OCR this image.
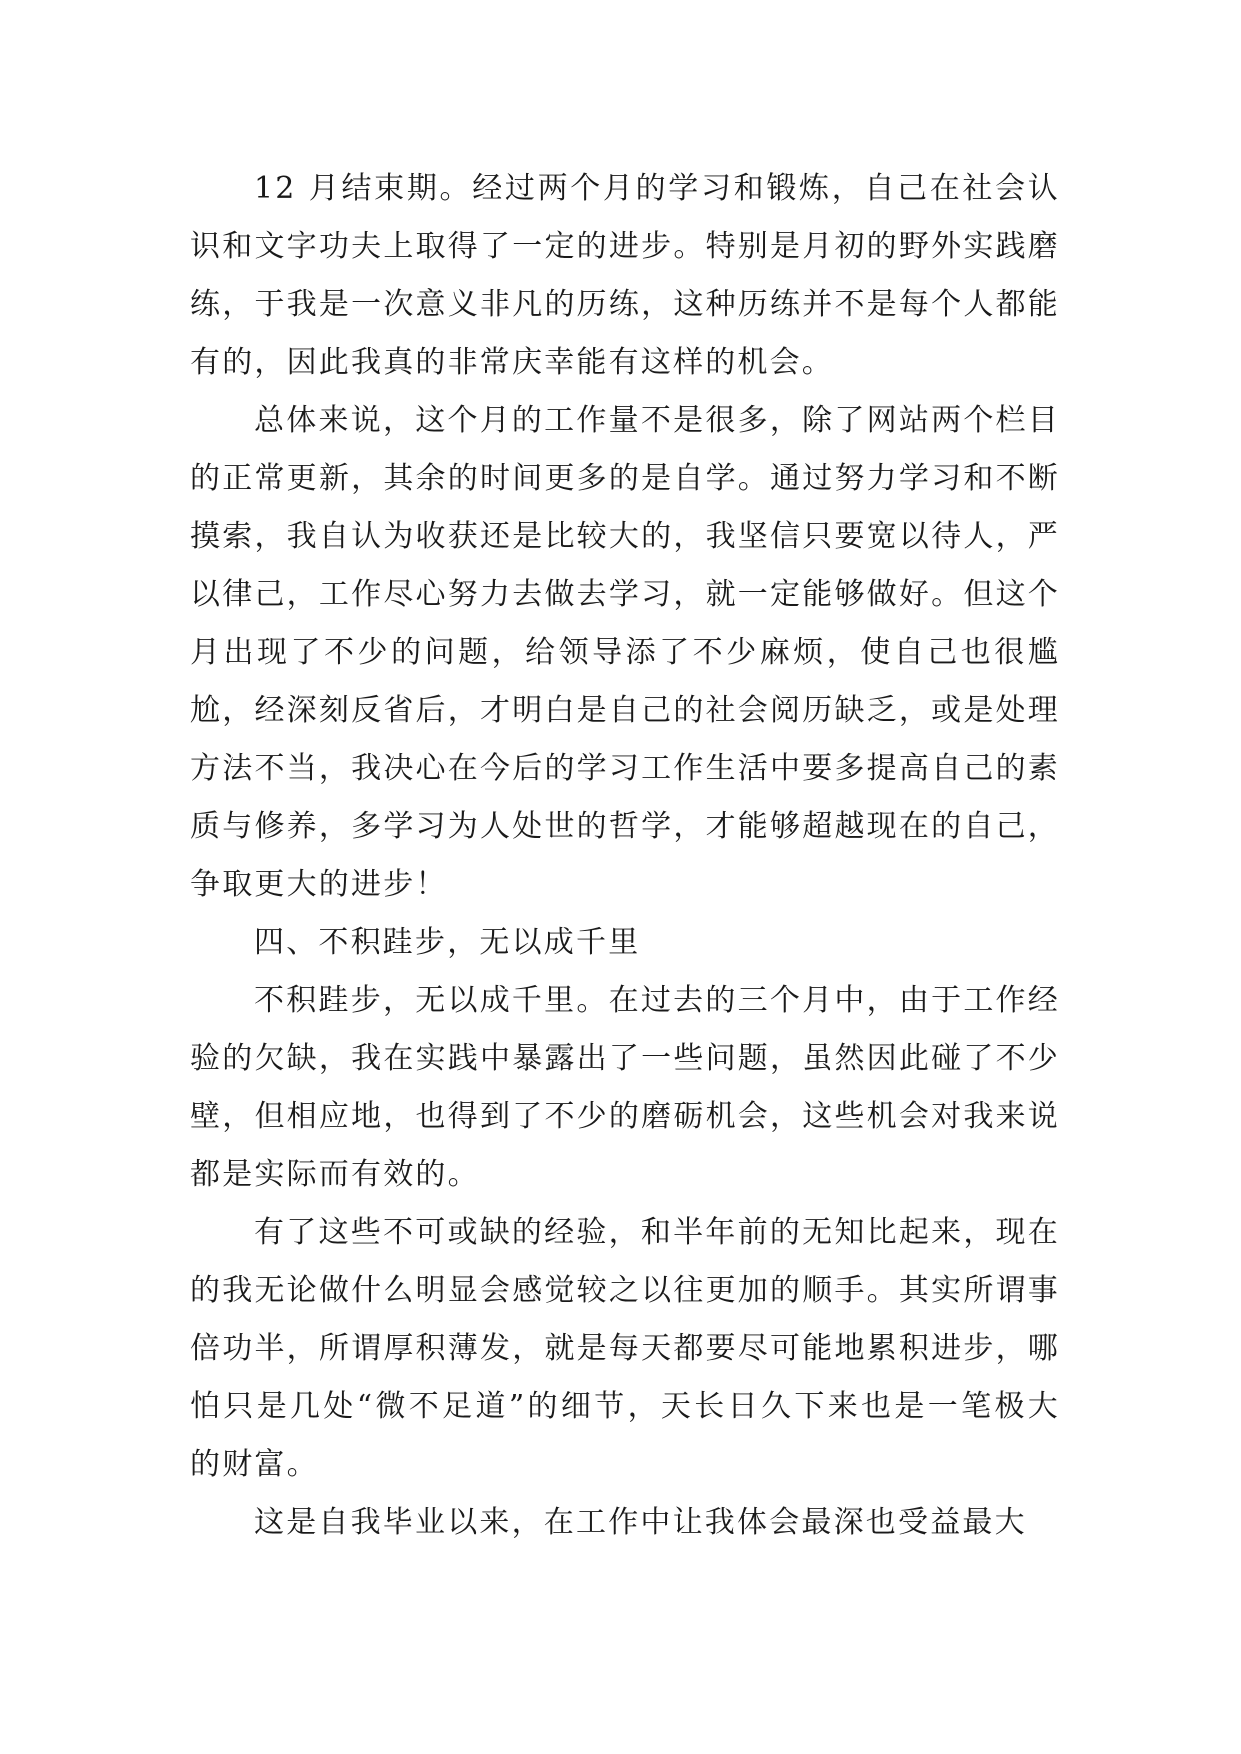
12 月结束期。经过两个月的学习和锻炼，自己在社会认识和文字功夫上取得了一定的进步。特别是月初的野外实践磨练，于我是一次意义非凡的历练，这种历练并不是每个人都能有的，因此我真的非常庆幸能有这样的机会。

总体来说，这个月的工作量不是很多，除了网站两个栏目的正常更新，其余的时间更多的是自学。通过努力学习和不断摸索，我自认为收获还是比较大的，我坚信只要宽以待人，严以律己，工作尽心努力去做去学习，就一定能够做好。但这个月出现了不少的问题，给领导添了不少麻烦，使自己也很尴尬，经深刻反省后，才明白是自己的社会阅历缺乏，或是处理方法不当，我决心在今后的学习工作生活中要多提高自己的素质与修养，多学习为人处世的哲学，才能够超越现在的自己，争取更大的进步！

四、不积跬步，无以成千里

不积跬步，无以成千里。在过去的三个月中，由于工作经验的欠缺，我在实践中暴露出了一些问题，虽然因此碰了不少壁，但相应地，也得到了不少的磨砺机会，这些机会对我来说都是实际而有效的。

有了这些不可或缺的经验，和半年前的无知比起来，现在的我无论做什么明显会感觉较之以往更加的顺手。其实所谓事倍功半，所谓厚积薄发，就是每天都要尽可能地累积进步，哪怕只是几处“微不足道”的细节，天长日久下来也是一笔极大的财富。

这是自我毕业以来，在工作中让我体会最深也受益最大
